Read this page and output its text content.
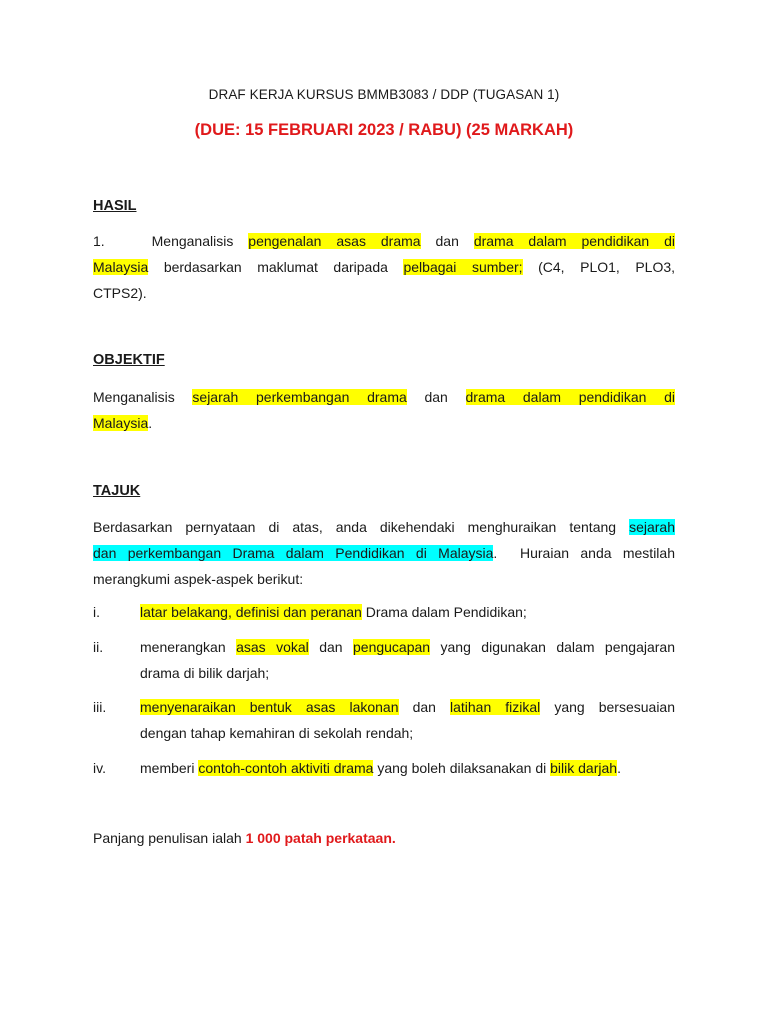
DRAF KERJA KURSUS BMMB3083 / DDP (TUGASAN 1)
(DUE: 15 FEBRUARI 2023 / RABU) (25 MARKAH)
HASIL
1.	Menganalisis pengenalan asas drama dan drama dalam pendidikan di
Malaysia berdasarkan maklumat daripada pelbagai sumber; (C4, PLO1, PLO3,
CTPS2).
OBJEKTIF
Menganalisis sejarah perkembangan drama dan drama dalam pendidikan di
Malaysia.
TAJUK
Berdasarkan pernyataan di atas, anda dikehendaki menghuraikan tentang sejarah
dan perkembangan Drama dalam Pendidikan di Malaysia.  Huraian anda mestilah
merangkumi aspek-aspek berikut:
i.	latar belakang, definisi dan peranan Drama dalam Pendidikan;
ii.	menerangkan asas vokal dan pengucapan yang digunakan dalam pengajaran
drama di bilik darjah;
iii. menyenaraikan bentuk asas lakonan dan latihan fizikal yang bersesuaian
dengan tahap kemahiran di sekolah rendah;
iv. memberi contoh-contoh aktiviti drama yang boleh dilaksanakan di bilik darjah.
Panjang penulisan ialah 1 000 patah perkataan.
